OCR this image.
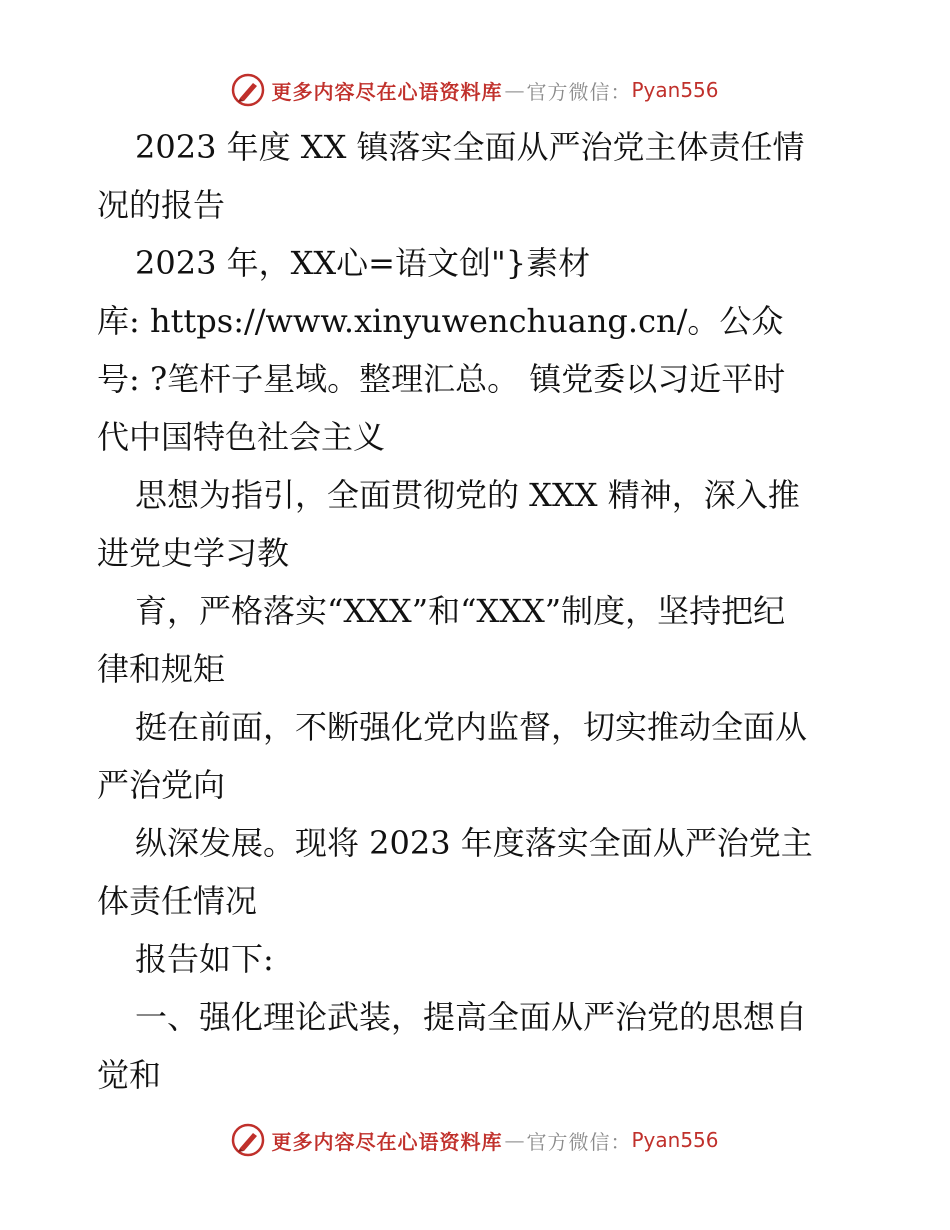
更多内容尽在心语资料库 — 官方微信： Pyan556
2023 年度 XX 镇落实全面从严治党主体责任情
况的报告
2023 年，XX心=语文创"}素材
库: https://www.xinyuwenchuang.cn/。公众
号: ?笔杆子星域。整理汇总。 镇党委以习近平时
代中国特色社会主义
思想为指引，全面贯彻党的 XXX 精神，深入推
进党史学习教
育，严格落实“XXX”和“XXX”制度，坚持把纪
律和规矩
挺在前面，不断强化党内监督，切实推动全面从
严治党向
纵深发展。现将 2023 年度落实全面从严治党主
体责任情况
报告如下:
一、强化理论武装，提高全面从严治党的思想自
觉和
更多内容尽在心语资料库 — 官方微信： Pyan556
